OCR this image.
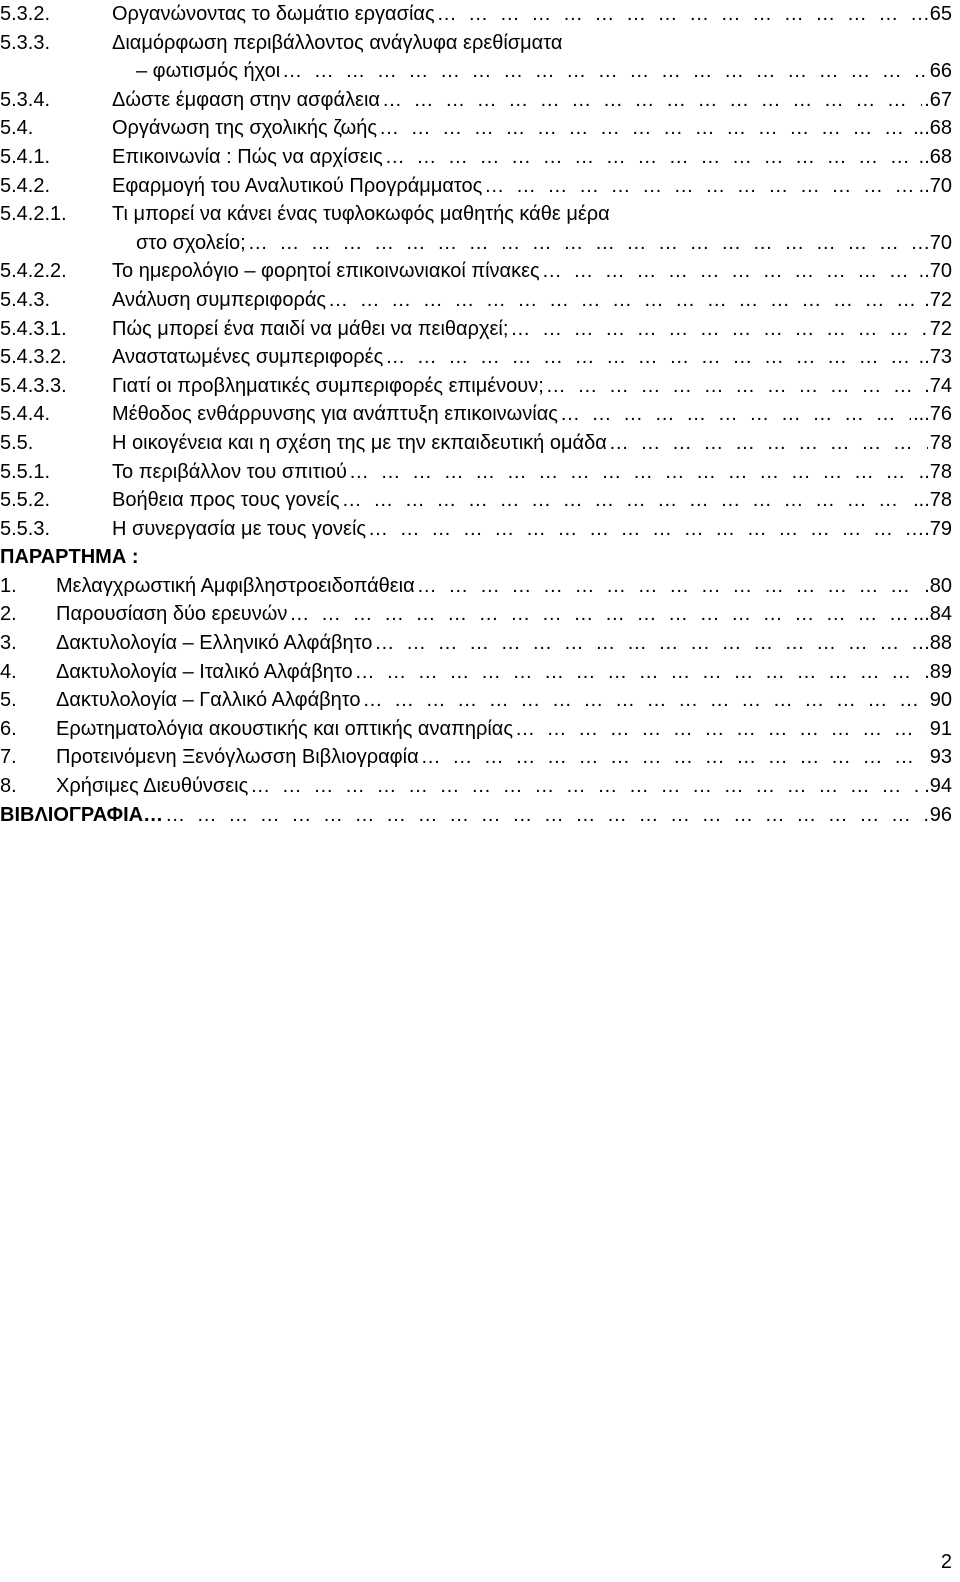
5.3.2.	Οργανώνοντας το δωμάτιο εργασίας … … … … … … … … … … … … … … … … … … … … … … … … … … … … … … … … … … … … … … … … … … … … … … … … … … … … … … … … … … … …	65
5.3.3.	Διαμόρφωση περιβάλλοντος ανάγλυφα ερεθίσματα
– φωτισμός ήχοι … … … … … … … … … … … … … … … … … … … … … … … … … … … … … … … … … … … … … … … … … … … … … … … … … … … … … … … … … … … …	66
5.3.4.	Δώστε έμφαση στην ασφάλεια … … … … … … … … … … … … … … … … … … … … … … … … … … … … … … … … … … … … … … … … … … … … … … … … … … … … … … … … … … … …	.67
5.4.	Οργάνωση της σχολικής ζωής … … … … … … … … … … … … … … … … … … … … … … … … … … … … … … … … … … … … … … … … … … … … … … … … … … … … … … … … … … … …	...68
5.4.1.	Επικοινωνία : Πώς να αρχίσεις … … … … … … … … … … … … … … … … … … … … … … … … … … … … … … … … … … … … … … … … … … … … … … … … … … … … … … … … … … … …	..68
5.4.2.	Εφαρμογή του Αναλυτικού Προγράμματος … … … … … … … … … … … … … … … … … … … … … … … … … … … … … … … … … … … … … … … … … … … … … … … … … … … … … … … … … … … …	..70
5.4.2.1.	Τι μπορεί να κάνει ένας τυφλοκωφός μαθητής κάθε μέρα
στο σχολείο; … … … … … … … … … … … … … … … … … … … … … … … … … … … … … … … … … … … … … … … … … … … … … … … … … … … … … … … … … … … …	70
5.4.2.2.	Το ημερολόγιο – φορητοί επικοινωνιακοί πίνακες … … … … … … … … … … … … … … … … … … … … … … … … … … … … … … … … … … … … … … … … … … … … … … … … … … … … … … … … … … … …	..70
5.4.3.	Ανάλυση συμπεριφοράς … … … … … … … … … … … … … … … … … … … … … … … … … … … … … … … … … … … … … … … … … … … … … … … … … … … … … … … … … … … …	.72
5.4.3.1.	Πώς μπορεί ένα παιδί να μάθει να πειθαρχεί; … … … … … … … … … … … … … … … … … … … … … … … … … … … … … … … … … … … … … … … … … … … … … … … … … … … … … … … … … … … …	72
5.4.3.2.	Αναστατωμένες συμπεριφορές … … … … … … … … … … … … … … … … … … … … … … … … … … … … … … … … … … … … … … … … … … … … … … … … … … … … … … … … … … … …	..73
5.4.3.3.	Γιατί οι προβληματικές συμπεριφορές επιμένουν; … … … … … … … … … … … … … … … … … … … … … … … … … … … … … … … … … … … … … … … … … … … … … … … … … … … … … … … … … … … …	.74
5.4.4.	Μέθοδος ενθάρρυνσης για ανάπτυξη επικοινωνίας … … … … … … … … … … … … … … … … … … … … … … … … … … … … … … … … … … … … … … … … … … … … … … … … … … … … … … … … … … … …	...76
5.5.	Η οικογένεια και η σχέση της με την εκπαιδευτική ομάδα … … … … … … … … … … … … … … … … … … … … … … … … … … … … … … … … … … … … … … … … … … … … … … … … … … … … … … … … … … … …	78
5.5.1.	Το περιβάλλον του σπιτιού … … … … … … … … … … … … … … … … … … … … … … … … … … … … … … … … … … … … … … … … … … … … … … … … … … … … … … … … … … … …	..78
5.5.2.	Βοήθεια προς τους γονείς … … … … … … … … … … … … … … … … … … … … … … … … … … … … … … … … … … … … … … … … … … … … … … … … … … … … … … … … … … … …	...78
5.5.3.	Η συνεργασία με τους γονείς … … … … … … … … … … … … … … … … … … … … … … … … … … … … … … … … … … … … … … … … … … … … … … … … … … … … … … … … … … … …	.79
ΠΑΡΑΡΤΗΜΑ :
1.	Μελαγχρωστική Αμφιβληστροειδοπάθεια … … … … … … … … … … … … … … … … … … … … … … … … … … … … … … … … … … … … … … … … … … … … … … … … … … … … … … … … … … … …	.80
2.	Παρουσίαση δύο ερευνών … … … … … … … … … … … … … … … … … … … … … … … … … … … … … … … … … … … … … … … … … … … … … … … … … … … … … … … … … … … …	...84
3.	Δακτυλολογία – Ελληνικό Αλφάβητο … … … … … … … … … … … … … … … … … … … … … … … … … … … … … … … … … … … … … … … … … … … … … … … … … … … … … … … … … … … …	.88
4.	Δακτυλολογία – Ιταλικό Αλφάβητο … … … … … … … … … … … … … … … … … … … … … … … … … … … … … … … … … … … … … … … … … … … … … … … … … … … … … … … … … … … …	.89
5.	Δακτυλολογία – Γαλλικό Αλφάβητο … … … … … … … … … … … … … … … … … … … … … … … … … … … … … … … … … … … … … … … … … … … … … … … … … … … … … … … … … … … …	90
6.	Ερωτηματολόγια ακουστικής και οπτικής αναπηρίας … … … … … … … … … … … … … … … … … … … … … … … … … … … … … … … … … … … … … … … … … … … … … … … … … … … … … … … … … … … …	91
7.	Προτεινόμενη Ξενόγλωσση Βιβλιογραφία … … … … … … … … … … … … … … … … … … … … … … … … … … … … … … … … … … … … … … … … … … … … … … … … … … … … … … … … … … … …	93
8.	Χρήσιμες Διευθύνσεις … … … … … … … … … … … … … … … … … … … … … … … … … … … … … … … … … … … … … … … … … … … … … … … … … … … … … … … … … … … …	.94
ΒΙΒΛΙΟΓΡΑΦΙΑ… … … … … … … … … … … … … … … … … … … … … … … … … … … … … … … … … … … … … … … … … … … … … … … … … … … … … … … … … … … … …	96
2
